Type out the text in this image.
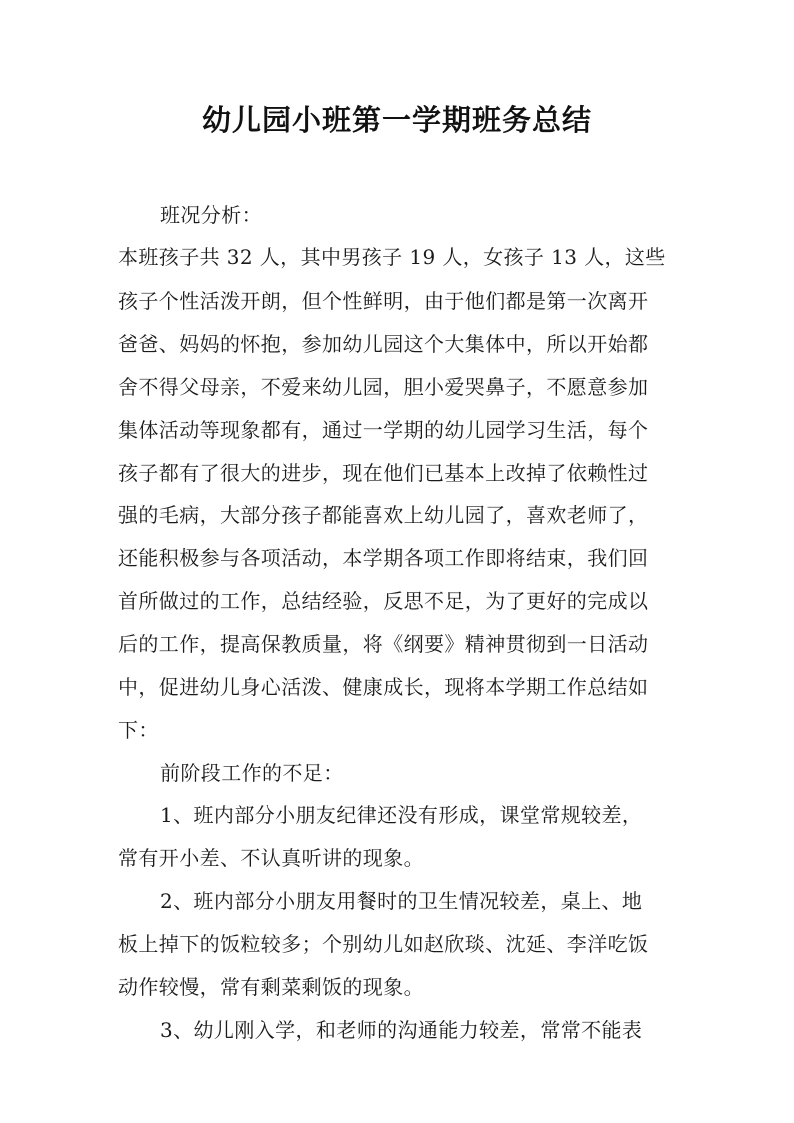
幼儿园小班第一学期班务总结

班况分析：

本班孩子共 32 人，其中男孩子 19 人，女孩子 13 人，这些

孩子个性活泼开朗，但个性鲜明，由于他们都是第一次离开

爸爸、妈妈的怀抱，参加幼儿园这个大集体中，所以开始都

舍不得父母亲，不爱来幼儿园，胆小爱哭鼻子，不愿意参加

集体活动等现象都有，通过一学期的幼儿园学习生活，每个

孩子都有了很大的进步，现在他们已基本上改掉了依赖性过

强的毛病，大部分孩子都能喜欢上幼儿园了，喜欢老师了，

还能积极参与各项活动，本学期各项工作即将结束，我们回

首所做过的工作，总结经验，反思不足，为了更好的完成以

后的工作，提高保教质量，将《纲要》精神贯彻到一日活动

中，促进幼儿身心活泼、健康成长，现将本学期工作总结如

下：

前阶段工作的不足：

1、班内部分小朋友纪律还没有形成，课堂常规较差，

常有开小差、不认真听讲的现象。

2、班内部分小朋友用餐时的卫生情况较差，桌上、地

板上掉下的饭粒较多；个别幼儿如赵欣琰、沈延、李洋吃饭

动作较慢，常有剩菜剩饭的现象。

3、幼儿刚入学，和老师的沟通能力较差，常常不能表
